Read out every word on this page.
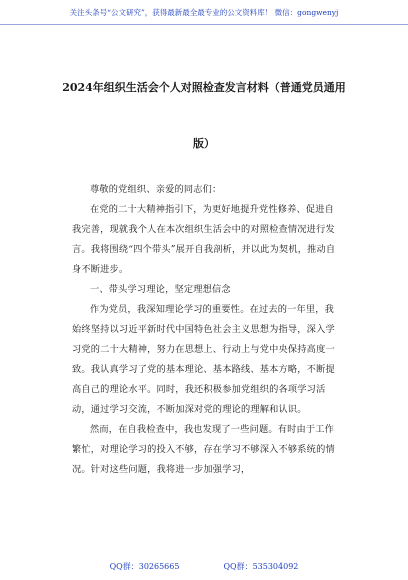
关注头条号“公文研究”，获得最新最全最专业的公文资料库！ 微信：gongwenyj
2024年组织生活会个人对照检查发言材料（普通党员通用
版）

尊敬的党组织、亲爱的同志们：

在党的二十大精神指引下，为更好地提升党性修养、促进自我完善，现就我个人在本次组织生活会中的对照检查情况进行发言。我将围绕“四个带头”展开自我剖析，并以此为契机，推动自身不断进步。

一、带头学习理论，坚定理想信念

作为党员，我深知理论学习的重要性。在过去的一年里，我始终坚持以习近平新时代中国特色社会主义思想为指导，深入学习党的二十大精神，努力在思想上、行动上与党中央保持高度一致。我认真学习了党的基本理论、基本路线、基本方略，不断提高自己的理论水平。同时，我还积极参加党组织的各项学习活动，通过学习交流，不断加深对党的理论的理解和认识。

然而，在自我检查中，我也发现了一些问题。有时由于工作繁忙，对理论学习的投入不够，存在学习不够深入不够系统的情况。针对这些问题，我将进一步加强学习，

QQ群：30265665	QQ群：535304092
